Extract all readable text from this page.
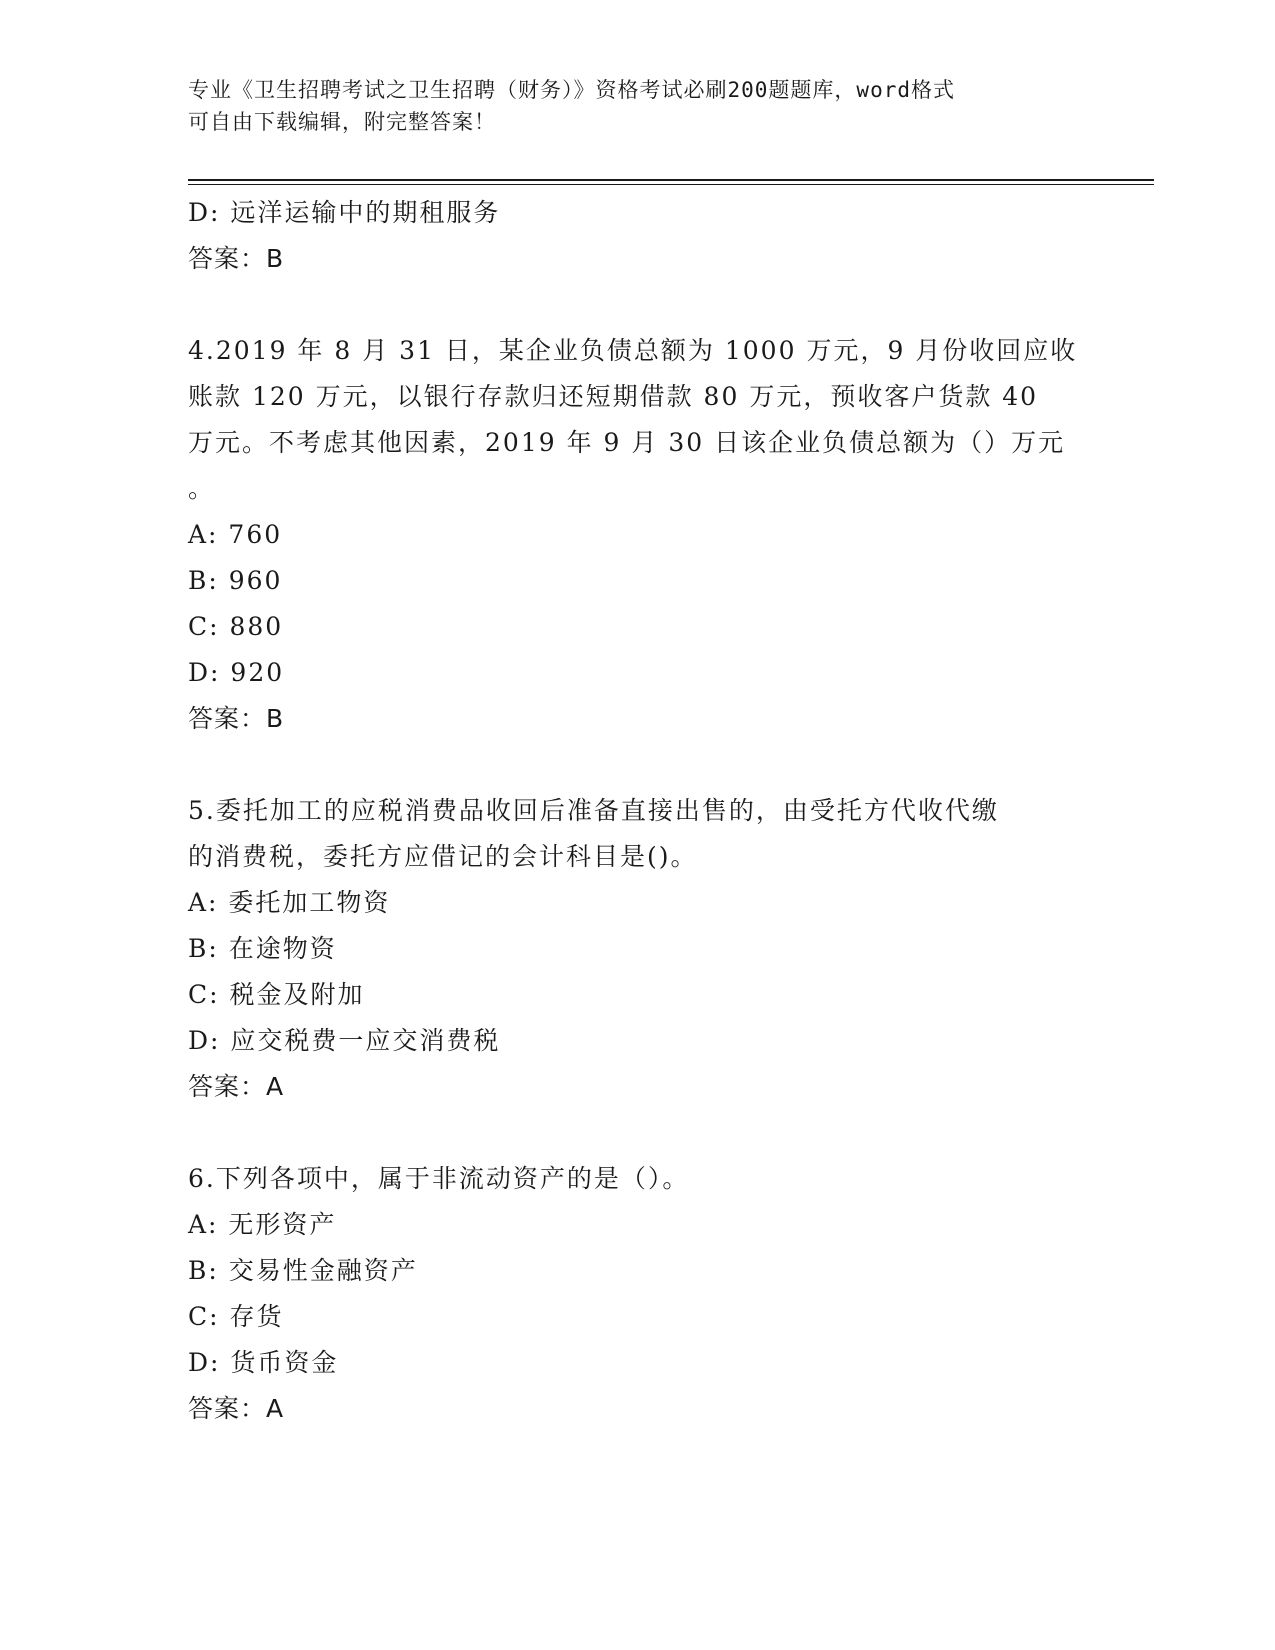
专业《卫生招聘考试之卫生招聘（财务）》资格考试必刷200题题库，word格式
可自由下载编辑，附完整答案！
D: 远洋运输中的期租服务
答案：B
4.2019 年 8 月 31 日，某企业负债总额为 1000 万元，9 月份收回应收
账款 120 万元，以银行存款归还短期借款 80 万元，预收客户货款 40
万元。不考虑其他因素，2019 年 9 月 30 日该企业负债总额为（）万元
。
A: 760
B: 960
C: 880
D: 920
答案：B
5.委托加工的应税消费品收回后准备直接出售的，由受托方代收代缴
的消费税，委托方应借记的会计科目是()。
A: 委托加工物资
B: 在途物资
C: 税金及附加
D: 应交税费一应交消费税
答案：A
6.下列各项中，属于非流动资产的是（）。
A: 无形资产
B: 交易性金融资产
C: 存货
D: 货币资金
答案：A
